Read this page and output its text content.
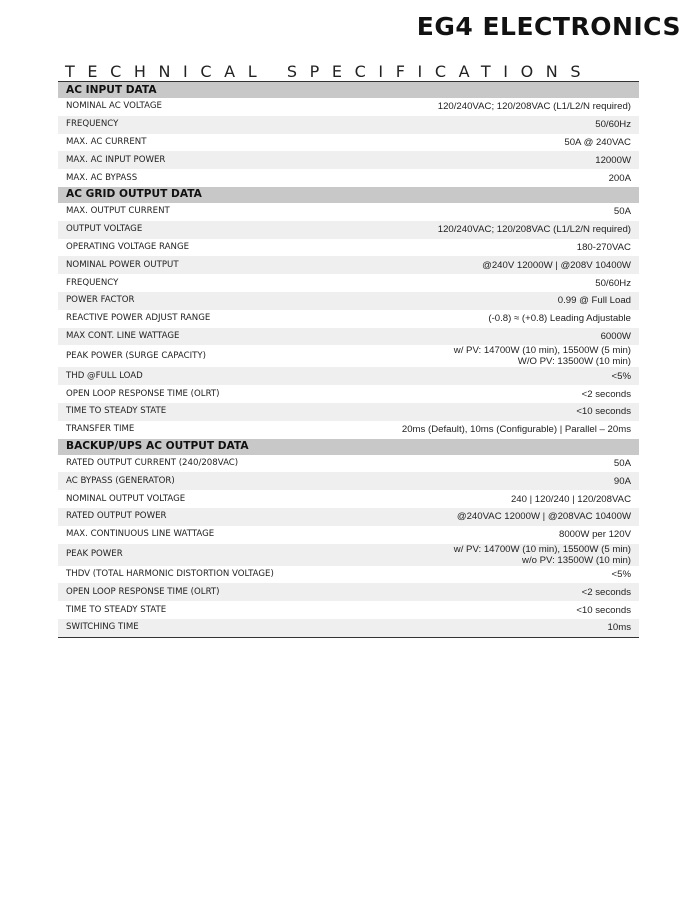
EG4 ELECTRONICS
TECHNICAL SPECIFICATIONS
AC INPUT DATA	
NOMINAL AC VOLTAGE	120/240VAC; 120/208VAC (L1/L2/N required)
FREQUENCY	50/60Hz
MAX. AC CURRENT	50A @ 240VAC
MAX. AC INPUT POWER	12000W
MAX. AC BYPASS	200A
AC GRID OUTPUT DATA	
MAX. OUTPUT CURRENT	50A
OUTPUT VOLTAGE	120/240VAC; 120/208VAC (L1/L2/N required)
OPERATING VOLTAGE RANGE	180-270VAC
NOMINAL POWER OUTPUT	@240V 12000W | @208V 10400W
FREQUENCY	50/60Hz
POWER FACTOR	0.99 @ Full Load
REACTIVE POWER ADJUST RANGE	(-0.8) ≈ (+0.8) Leading Adjustable
MAX CONT. LINE WATTAGE	6000W
PEAK POWER (SURGE CAPACITY)	w/ PV: 14700W (10 min), 15500W (5 min)
W/O PV: 13500W (10 min)

THD @FULL LOAD	<5%
OPEN LOOP RESPONSE TIME (OLRT)	<2 seconds
TIME TO STEADY STATE	<10 seconds
TRANSFER TIME	20ms (Default), 10ms (Configurable) | Parallel – 20ms
BACKUP/UPS AC OUTPUT DATA	
RATED OUTPUT CURRENT (240/208VAC)	50A
AC BYPASS (GENERATOR)	90A
NOMINAL OUTPUT VOLTAGE	240 | 120/240 | 120/208VAC
RATED OUTPUT POWER	@240VAC 12000W | @208VAC 10400W
MAX. CONTINUOUS LINE WATTAGE	8000W per 120V
PEAK POWER	w/ PV: 14700W (10 min), 15500W (5 min)
w/o PV: 13500W (10 min)

THDV (TOTAL HARMONIC DISTORTION VOLTAGE)	<5%
OPEN LOOP RESPONSE TIME (OLRT)	<2 seconds
TIME TO STEADY STATE	<10 seconds
SWITCHING TIME	10ms
